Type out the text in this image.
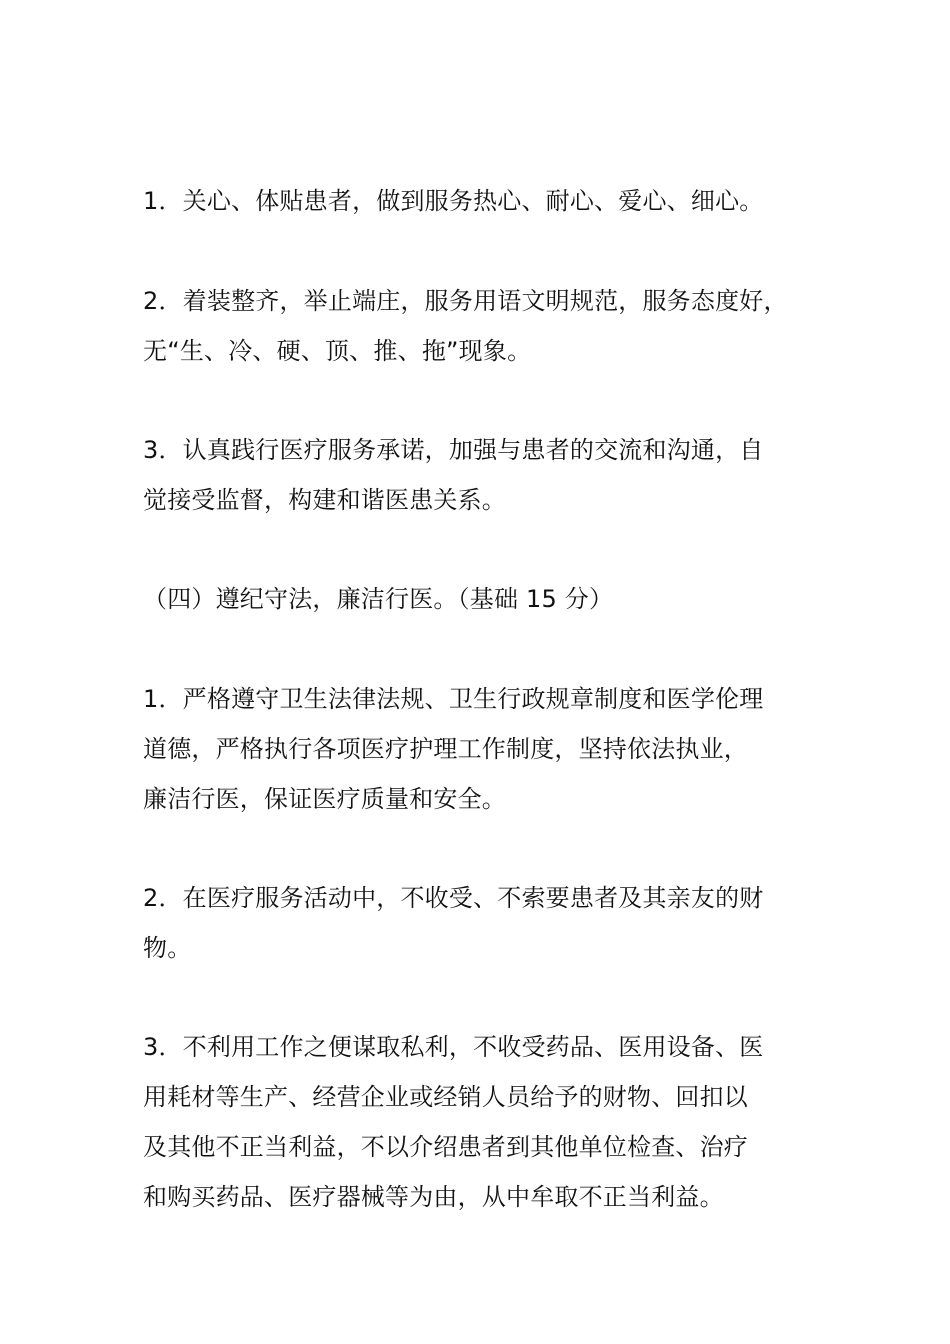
1．关心、体贴患者，做到服务热心、耐心、爱心、细心。
2．着装整齐，举止端庄，服务用语文明规范，服务态度好，
无“生、冷、硬、顶、推、拖”现象。
3．认真践行医疗服务承诺，加强与患者的交流和沟通，自
觉接受监督，构建和谐医患关系。
（四）遵纪守法，廉洁行医。（基础 15 分）
1．严格遵守卫生法律法规、卫生行政规章制度和医学伦理
道德，严格执行各项医疗护理工作制度，坚持依法执业，
廉洁行医，保证医疗质量和安全。
2．在医疗服务活动中，不收受、不索要患者及其亲友的财
物。
3．不利用工作之便谋取私利，不收受药品、医用设备、医
用耗材等生产、经营企业或经销人员给予的财物、回扣以
及其他不正当利益，不以介绍患者到其他单位检查、治疗
和购买药品、医疗器械等为由，从中牟取不正当利益。
